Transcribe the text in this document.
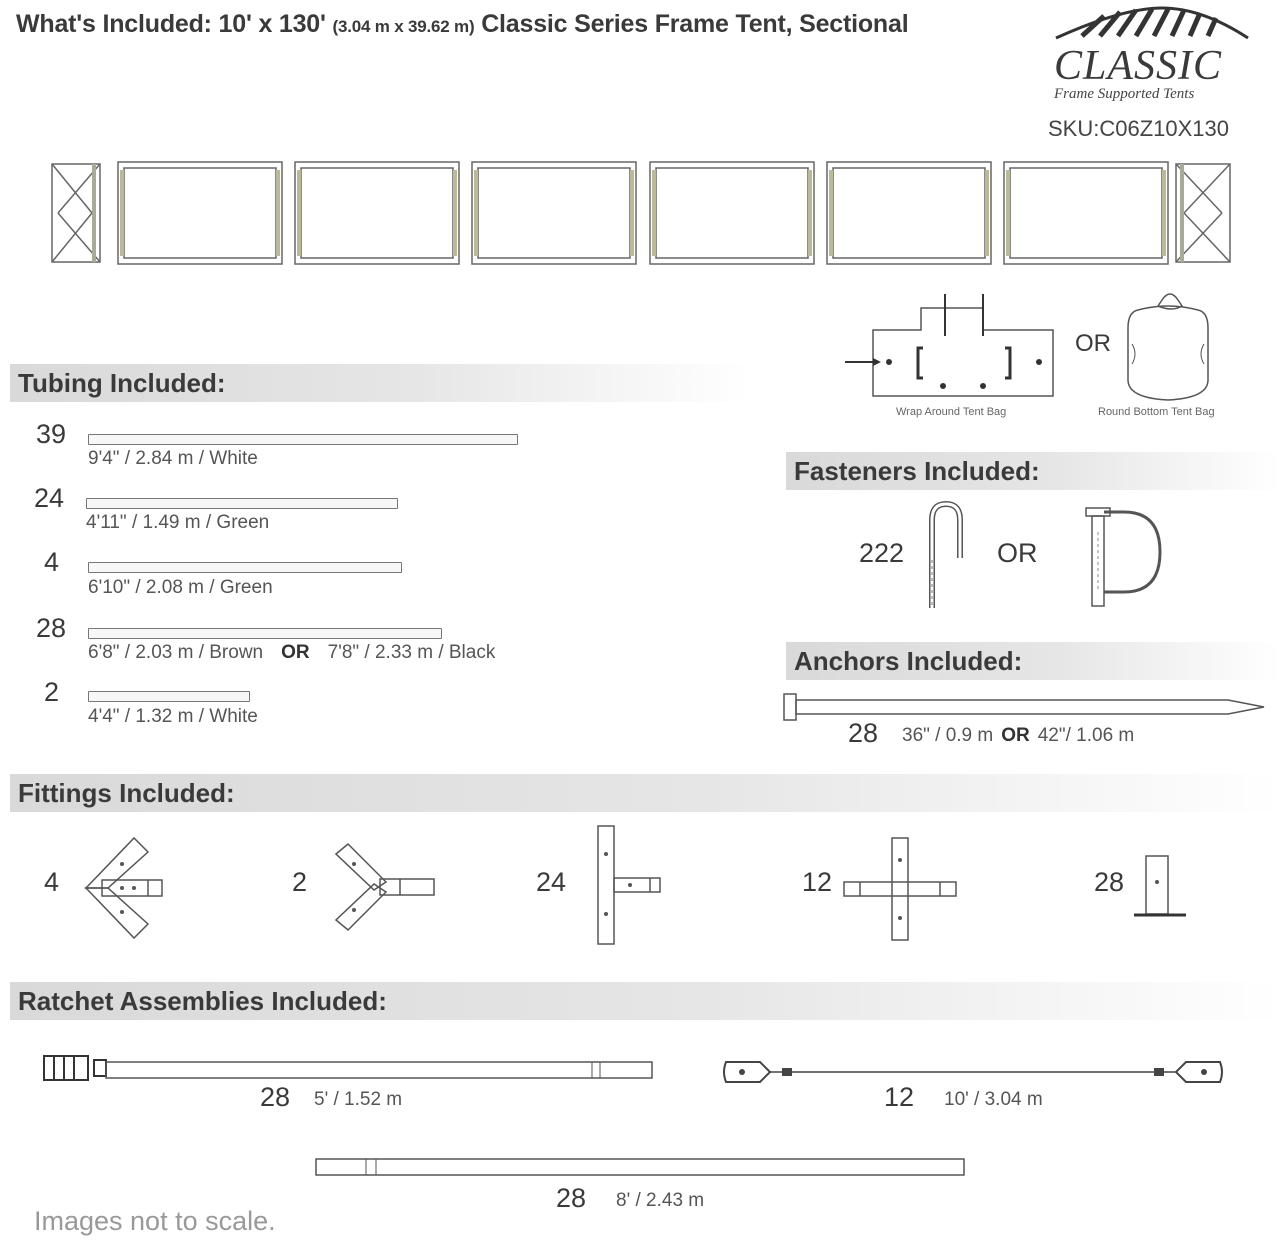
What's Included: 10' x 130' (3.04 m x 39.62 m) Classic Series Frame Tent, Sectional
CLASSIC
Frame Supported Tents
SKU:C06Z10X130
Wrap Around Tent Bag
OR
Round Bottom Tent Bag
Tubing Included:
39
9'4" / 2.84 m / White
24
4'11" / 1.49 m / Green
4
6'10" / 2.08 m / Green
28
6'8" / 2.03 m / Brown OR 7'8" / 2.33 m / Black
2
4'4" / 1.32 m / White
Fasteners Included:
222	OR
Anchors Included:
28 36" / 0.9 m OR 42"/ 1.06 m
Fittings Included:
4	2	24	12	28
Ratchet Assemblies Included:
28 5' / 1.52 m	12 10' / 3.04 m
28 8' / 2.43 m
Images not to scale.
